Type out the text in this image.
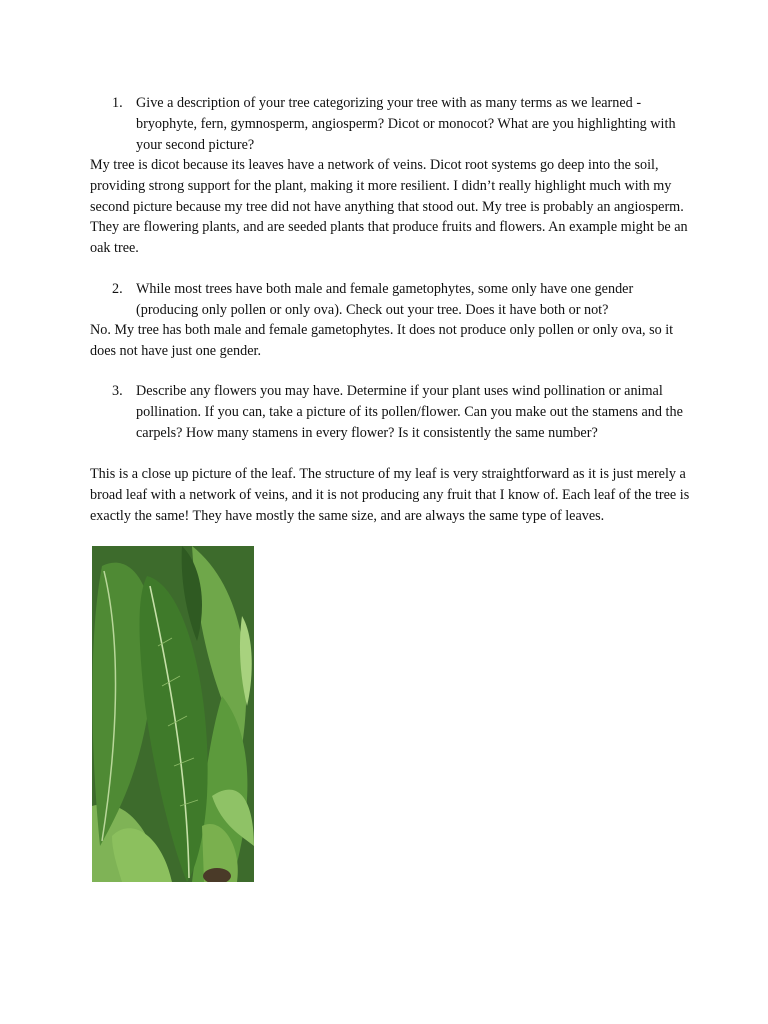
1. Give a description of your tree categorizing your tree with as many terms as we learned - bryophyte, fern, gymnosperm, angiosperm? Dicot or monocot? What are you highlighting with your second picture?
My tree is dicot because its leaves have a network of veins. Dicot root systems go deep into the soil, providing strong support for the plant, making it more resilient. I didn’t really highlight much with my second picture because my tree did not have anything that stood out. My tree is probably an angiosperm. They are flowering plants, and are seeded plants that produce fruits and flowers. An example might be an oak tree.
2. While most trees have both male and female gametophytes, some only have one gender (producing only pollen or only ova). Check out your tree. Does it have both or not?
No. My tree has both male and female gametophytes. It does not produce only pollen or only ova, so it does not have just one gender.
3. Describe any flowers you may have. Determine if your plant uses wind pollination or animal pollination. If you can, take a picture of its pollen/flower. Can you make out the stamens and the carpels? How many stamens in every flower? Is it consistently the same number?
This is a close up picture of the leaf. The structure of my leaf is very straightforward as it is just merely a broad leaf with a network of veins, and it is not producing any fruit that I know of. Each leaf of the tree is exactly the same! They have mostly the same size, and are always the same type of leaves.
